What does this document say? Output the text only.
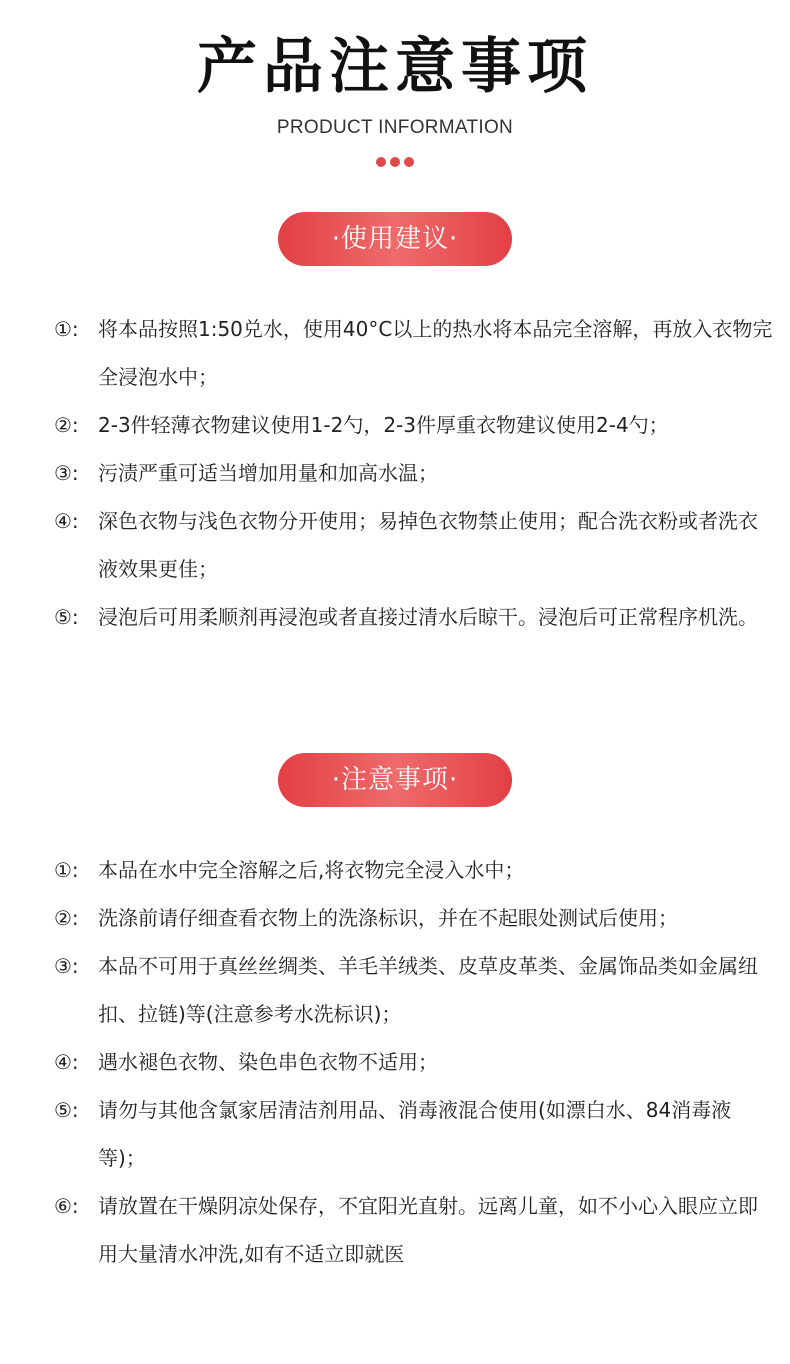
产品注意事项
PRODUCT INFORMATION
·使用建议·
①: 将本品按照1:50兑水，使用40°C以上的热水将本品完全溶解，再放入衣物完全浸泡水中；
②: 2-3件轻薄衣物建议使用1-2勺，2-3件厚重衣物建议使用2-4勺；
③: 污渍严重可适当增加用量和加高水温；
④: 深色衣物与浅色衣物分开使用；易掉色衣物禁止使用；配合洗衣粉或者洗衣液效果更佳；
⑤: 浸泡后可用柔顺剂再浸泡或者直接过清水后晾干。浸泡后可正常程序机洗。
·注意事项·
①: 本品在水中完全溶解之后,将衣物完全浸入水中；
②: 洗涤前请仔细查看衣物上的洗涤标识，并在不起眼处测试后使用；
③: 本品不可用于真丝丝绸类、羊毛羊绒类、皮草皮革类、金属饰品类如金属纽扣、拉链)等(注意参考水洗标识)；
④: 遇水褪色衣物、染色串色衣物不适用；
⑤: 请勿与其他含氯家居清洁剂用品、消毒液混合使用(如漂白水、84消毒液等)；
⑥: 请放置在干燥阴凉处保存，不宜阳光直射。远离儿童，如不小心入眼应立即用大量清水冲洗,如有不适立即就医
